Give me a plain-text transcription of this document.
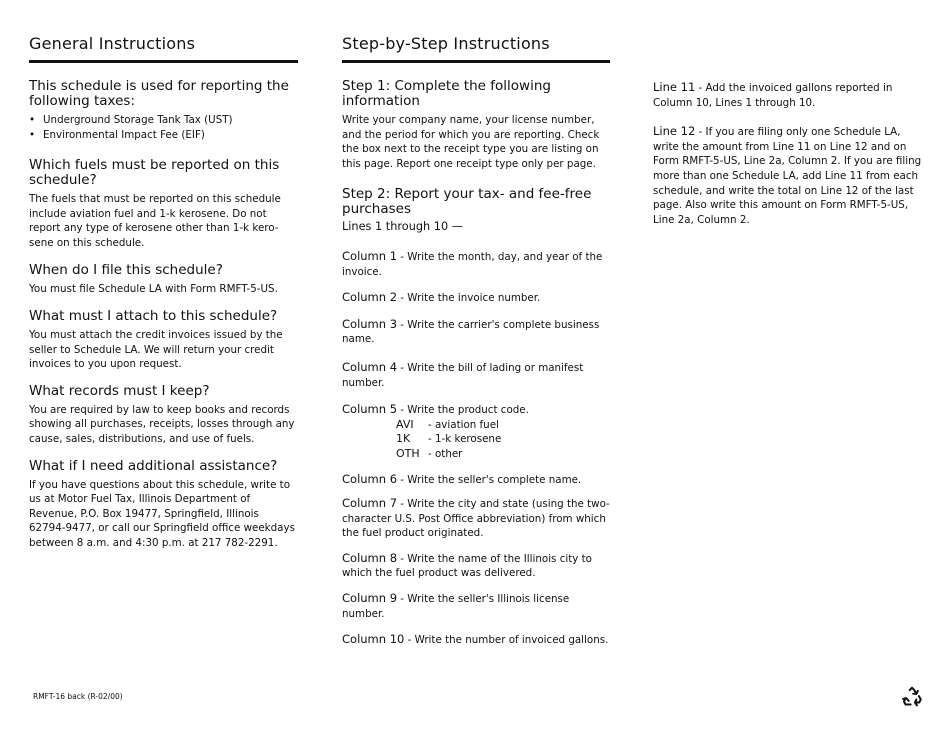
General Instructions
This schedule is used for reporting the following taxes:
• Underground Storage Tank Tax (UST)
• Environmental Impact Fee (EIF)
Which fuels must be reported on this schedule?

The fuels that must be reported on this schedule include aviation fuel and 1-k kerosene. Do not report any type of kerosene other than 1-k kero-sene on this schedule.

When do I file this schedule?

You must file Schedule LA with Form RMFT-5-US.

What must I attach to this schedule?

You must attach the credit invoices issued by the seller to Schedule LA. We will return your credit invoices to you upon request.

What records must I keep?

You are required by law to keep books and records showing all purchases, receipts, losses through any cause, sales, distributions, and use of fuels.

What if I need additional assistance?

If you have questions about this schedule, write to us at Motor Fuel Tax, Illinois Department of Revenue, P.O. Box 19477, Springfield, Illinois 62794-9477, or call our Springfield office weekdays between 8 a.m. and 4:30 p.m. at 217 782-2291.

Step-by-Step Instructions
Step 1: Complete the following information

Write your company name, your license number, and the period for which you are reporting. Check the box next to the receipt type you are listing on this page. Report one receipt type only per page.

Step 2: Report your tax- and fee-free purchases

Lines 1 through 10 —

Column 1 - Write the month, day, and year of the invoice.

Column 2 - Write the invoice number.

Column 3 - Write the carrier's complete business name.

Column 4 - Write the bill of lading or manifest number.

Column 5 - Write the product code.

AVI	- aviation fuel
1K	- 1-k kerosene
OTH - other

Column 6 - Write the seller's complete name.

Column 7 - Write the city and state (using the two-character U.S. Post Office abbreviation) from which the fuel product originated.

Column 8 - Write the name of the Illinois city to which the fuel product was delivered.

Column 9 - Write the seller's Illinois license number.

Column 10 - Write the number of invoiced gallons.

Line 11 - Add the invoiced gallons reported in Column 10, Lines 1 through 10.

Line 12 - If you are filing only one Schedule LA, write the amount from Line 11 on Line 12 and on Form RMFT-5-US, Line 2a, Column 2. If you are filing more than one Schedule LA, add Line 11 from each schedule, and write the total on Line 12 of the last page. Also write this amount on Form RMFT-5-US, Line 2a, Column 2.

RMFT-16 back (R-02/00)
